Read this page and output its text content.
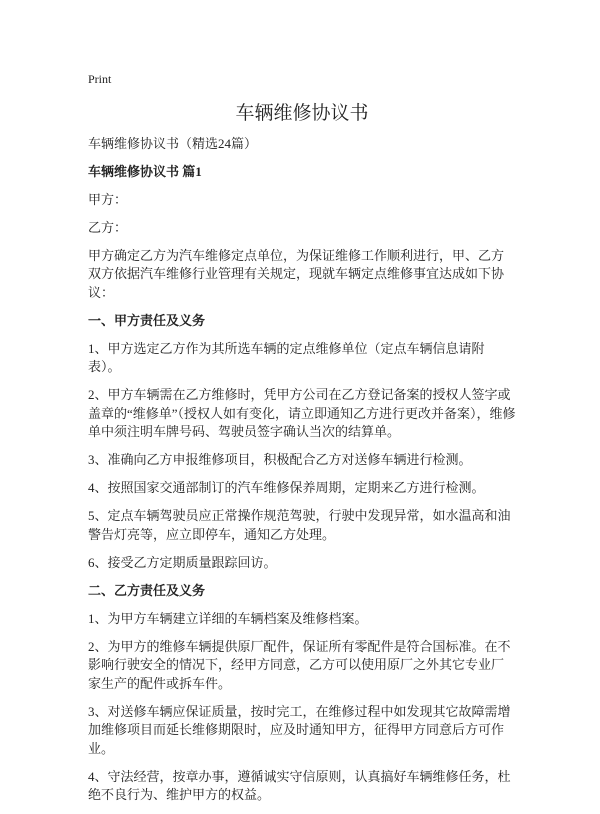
Print
车辆维修协议书

车辆维修协议书（精选24篇）

车辆维修协议书 篇1

甲方：

乙方：

甲方确定乙方为汽车维修定点单位，为保证维修工作顺利进行，甲、乙方双方依据汽车维修行业管理有关规定，现就车辆定点维修事宜达成如下协议：

一、甲方责任及义务

1、甲方选定乙方作为其所选车辆的定点维修单位（定点车辆信息请附表）。

2、甲方车辆需在乙方维修时，凭甲方公司在乙方登记备案的授权人签字或盖章的“维修单”（授权人如有变化，请立即通知乙方进行更改并备案），维修单中须注明车牌号码、驾驶员签字确认当次的结算单。

3、准确向乙方申报维修项目，积极配合乙方对送修车辆进行检测。

4、按照国家交通部制订的汽车维修保养周期，定期来乙方进行检测。

5、定点车辆驾驶员应正常操作规范驾驶，行驶中发现异常，如水温高和油警告灯亮等，应立即停车，通知乙方处理。

6、接受乙方定期质量跟踪回访。

二、乙方责任及义务

1、为甲方车辆建立详细的车辆档案及维修档案。

2、为甲方的维修车辆提供原厂配件，保证所有零配件是符合国标准。在不影响行驶安全的情况下，经甲方同意，乙方可以使用原厂之外其它专业厂家生产的配件或拆车件。

3、对送修车辆应保证质量，按时完工，在维修过程中如发现其它故障需增加维修项目而延长维修期限时，应及时通知甲方，征得甲方同意后方可作业。

4、守法经营，按章办事，遵循诚实守信原则，认真搞好车辆维修任务，杜绝不良行为、维护甲方的权益。
